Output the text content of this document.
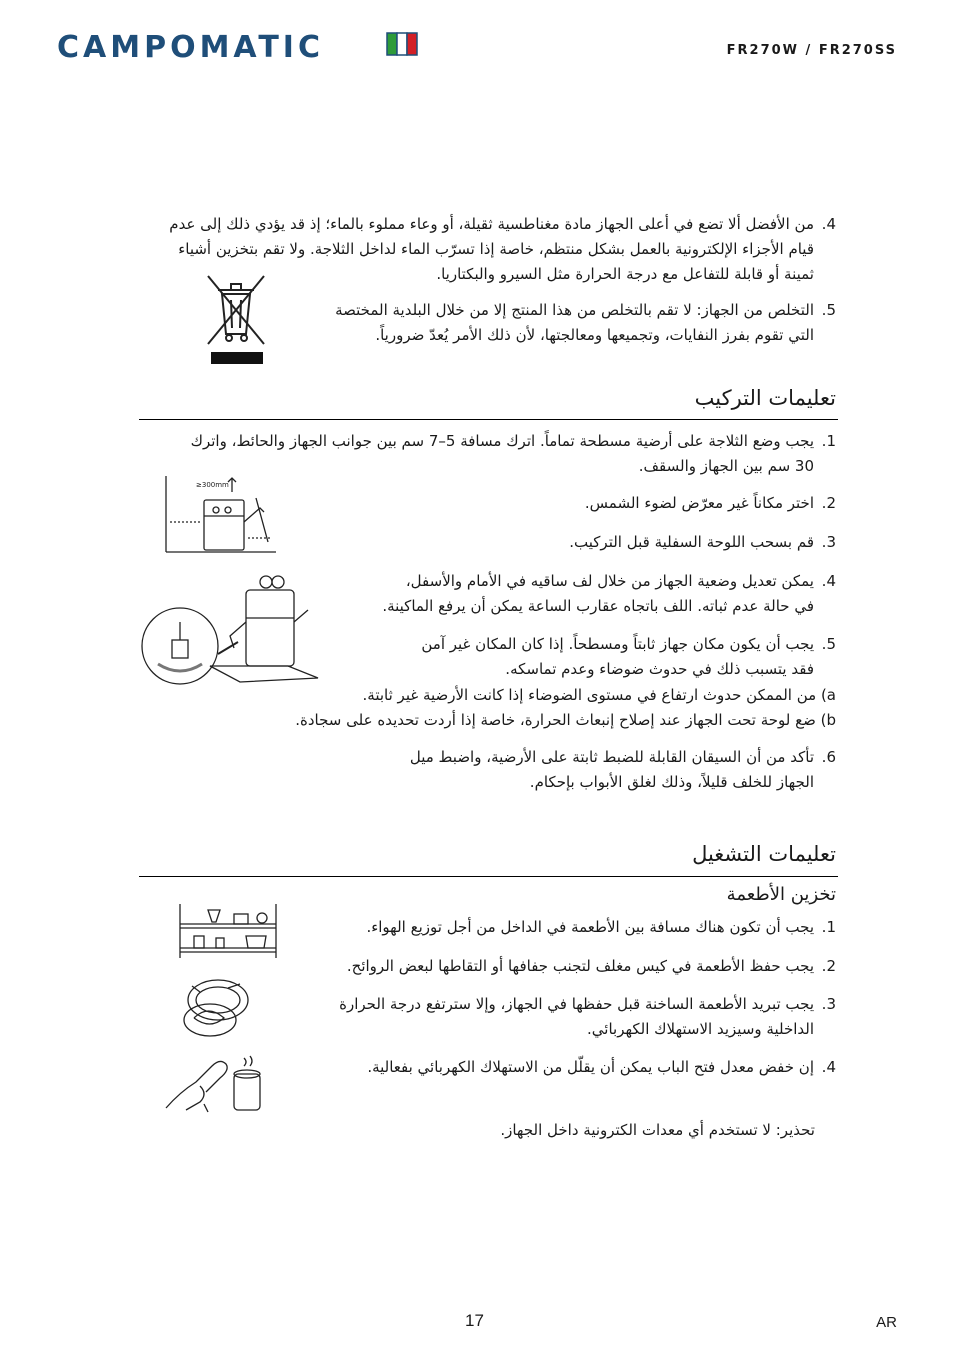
CAMPOMATIC	FR270W / FR270SS
4.
من الأفضل ألا تضع في أعلى الجهاز مادة مغناطسية ثقيلة، أو وعاء مملوء بالماء؛ إذ قد يؤدي ذلك إلى عدم
قيام الأجزاء الإلكترونية بالعمل بشكل منتظم، خاصة إذا تسرّب الماء لداخل الثلاجة. ولا تقم بتخزين أشياء
ثمينة أو قابلة للتفاعل مع درجة الحرارة مثل السيرو والبكتاريا.
5.
التخلص من الجهاز: لا تقم بالتخلص من هذا المنتج إلا من خلال البلدية المختصة
التي تقوم بفرز النفايات، وتجميعها ومعالجتها، لأن ذلك الأمر يُعدّ ضرورياً.
تعليمات التركيب
1.
يجب وضع الثلاجة على أرضية مسطحة تماماً. اترك مسافة 5–7 سم بين جوانب الجهاز والحائط، واترك
30 سم بين الجهاز والسقف.
2.
اختر مكاناً غير معرّض لضوء الشمس.
3.
قم بسحب اللوحة السفلية قبل التركيب.
4.
يمكن تعديل وضعية الجهاز من خلال لف ساقيه في الأمام والأسفل،
في حالة عدم ثباته. اللف باتجاه عقارب الساعة يمكن أن يرفع الماكينة.
5.
يجب أن يكون مكان جهاز ثابتاً ومسطحاً. إذا كان المكان غير آمن
فقد يتسبب ذلك في حدوث ضوضاء وعدم تماسكه.
a) من الممكن حدوث ارتفاع في مستوى الضوضاء إذا كانت الأرضية غير ثابتة.
b) ضع لوحة تحت الجهاز عند إصلاح إنبعاث الحرارة، خاصة إذا أردت تحديده على سجادة.
6.
تأكد من أن السيقان القابلة للضبط ثابتة على الأرضية، واضبط ميل
الجهاز للخلف قليلاً، وذلك لغلق الأبواب بإحكام.
≥300mm
تعليمات التشغيل
تخزين الأطعمة
1.
يجب أن تكون هناك مسافة بين الأطعمة في الداخل من أجل توزيع الهواء.
2.
يجب حفظ الأطعمة في كيس مغلف لتجنب جفافها أو التقاطها لبعض الروائح.
3.
يجب تبريد الأطعمة الساخنة قبل حفظها في الجهاز، وإلا سترتفع درجة الحرارة
الداخلية وسيزيد الاستهلاك الكهربائي.
4.
إن خفض معدل فتح الباب يمكن أن يقلّل من الاستهلاك الكهربائي بفعالية.
تحذير: لا تستخدم أي معدات الكترونية داخل الجهاز.
17	AR
